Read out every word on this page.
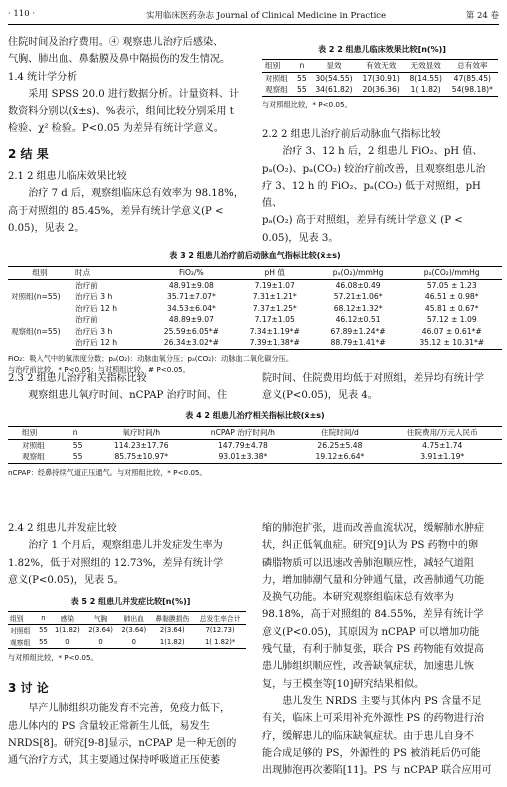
· 110 ·	实用临床医药杂志 Journal of Clinical Medicine in Practice	第 24 卷

住院时间及治疗费用。④ 观察患儿治疗后感染、

气胸、肺出血、鼻黏膜及鼻中隔损伤的发生情况。

1.4 统计学分析

采用 SPSS 20.0 进行数据分析。计量资料、计

数资料分别以(x̄±s)、%表示，组间比较分别采用 t

检验、χ² 检验。P<0.05 为差异有统计学意义。

2 结 果

2.1 2 组患儿临床效果比较

治疗 7 d 后，观察组临床总有效率为 98.18%，

高于对照组的 85.45%，差异有统计学意义(P <

0.05)，见表 2。

表 2 2 组患儿临床效果比较[n(%)]
组别	n	显效	有效无效	无效显效	总有效率
对照组	55	30(54.55)	17(30.91)	8(14.55)	47(85.45)
观察组	55	34(61.82)	20(36.36)	1( 1.82)	54(98.18)*
与对照组比较，* P<0.05。

2.2 2 组患儿治疗前后动脉血气指标比较

治疗 3、12 h 后，2 组患儿 FiO₂、pH 值、

pₐ(O₂)、pₐ(CO₂) 较治疗前改善，且观察组患儿治

疗 3、12 h 的 FiO₂、pₐ(CO₂) 低于对照组，pH 值、

pₐ(O₂) 高于对照组，差异有统计学意义 (P <

0.05)，见表 3。

表 3 2 组患儿治疗前后动脉血气指标比较(x̄±s)
组别	时点	FiO₂/%	pH 值	pₐ(O₂)/mmHg	pₐ(CO₂)/mmHg
对照组(n=55)	治疗前	48.91±9.08	7.19±1.07	46.08±0.49	57.05 ± 1.23
	治疗后 3 h	35.71±7.07*	7.31±1.21*	57.21±1.06*	46.51 ± 0.98*
	治疗后 12 h	34.53±6.04*	7.37±1.25*	68.12±1.32*	45.81 ± 0.67*
观察组(n=55)	治疗前	48.89±9.07	7.17±1.05	46.12±0.51	57.12 ± 1.09
	治疗后 3 h	25.59±6.05*#	7.34±1.19*#	67.89±1.24*#	46.07 ± 0.61*#
	治疗后 12 h	26.34±3.02*#	7.39±1.38*#	88.79±1.41*#	35.12 ± 10.31*#
FiO₂：吸入气中的氧浓度分数；pₐ(O₂)：动脉血氧分压；pₐ(CO₂)：动脉血二氧化碳分压。
与治疗前比较，* P<0.05；与对照组比较，# P<0.05。

2.3 2 组患儿治疗相关指标比较

观察组患儿氧疗时间、nCPAP 治疗时间、住

院时间、住院费用均低于对照组，差异均有统计学

意义(P<0.05)，见表 4。

表 4 2 组患儿治疗相关指标比较(x̄±s)
组别	n	氧疗时间/h	nCPAP 治疗时间/h	住院时间/d	住院费用/万元人民币
对照组	55	114.23±17.76	147.79±4.78	26.25±5.48	4.75±1.74
观察组	55	85.75±10.97*	93.01±3.38*	19.12±6.64*	3.91±1.19*
nCPAP：经鼻持续气道正压通气。与对照组比较，* P<0.05。

2.4 2 组患儿并发症比较

治疗 1 个月后，观察组患儿并发症发生率为

1.82%，低于对照组的 12.73%，差异有统计学

意义(P<0.05)，见表 5。

表 5 2 组患儿并发症比较[n(%)]
组别	n	感染	气胸	肺出血	鼻黏膜损伤	总发生率合计
对照组	55	1(1.82)	2(3.64)	2(3.64)	2(3.64)	7(12.73)
观察组	55	0	0	0	1(1.82)	1( 1.82)*
与对照组比较，* P<0.05。

3 讨 论

早产儿肺组织功能发育不完善，免疫力低下，

患儿体内的 PS 含量较正常新生儿低，易发生

NRDS[8]。研究[9-8]显示，nCPAP 是一种无创的

通气治疗方式，其主要通过保持呼吸道正压使萎

缩的肺泡扩张，进而改善血流状况，缓解肺水肿症

状，纠正低氧血症。研究[9]认为 PS 药物中的卵

磷脂物质可以迅速改善肺泡顺应性，减轻气道阻

力，增加肺潮气量和分钟通气量，改善肺通气功能

及换气功能。本研究观察组临床总有效率为

98.18%，高于对照组的 84.55%，差异有统计学

意义(P<0.05)，其原因为 nCPAP 可以增加功能

残气量，有利于肺复张，联合 PS 药物能有效提高

患儿肺组织顺应性，改善缺氧症状，加速患儿恢

复，与王模奎等[10]研究结果相似。

患儿发生 NRDS 主要与其体内 PS 含量不足

有关，临床上可采用补充外源性 PS 的药物进行治

疗，缓解患儿的临床缺氧症状。由于患儿自身不

能合成足够的 PS，外源性的 PS 被消耗后仍可能

出现肺泡再次萎陷[11]。PS 与 nCPAP 联合应用可
